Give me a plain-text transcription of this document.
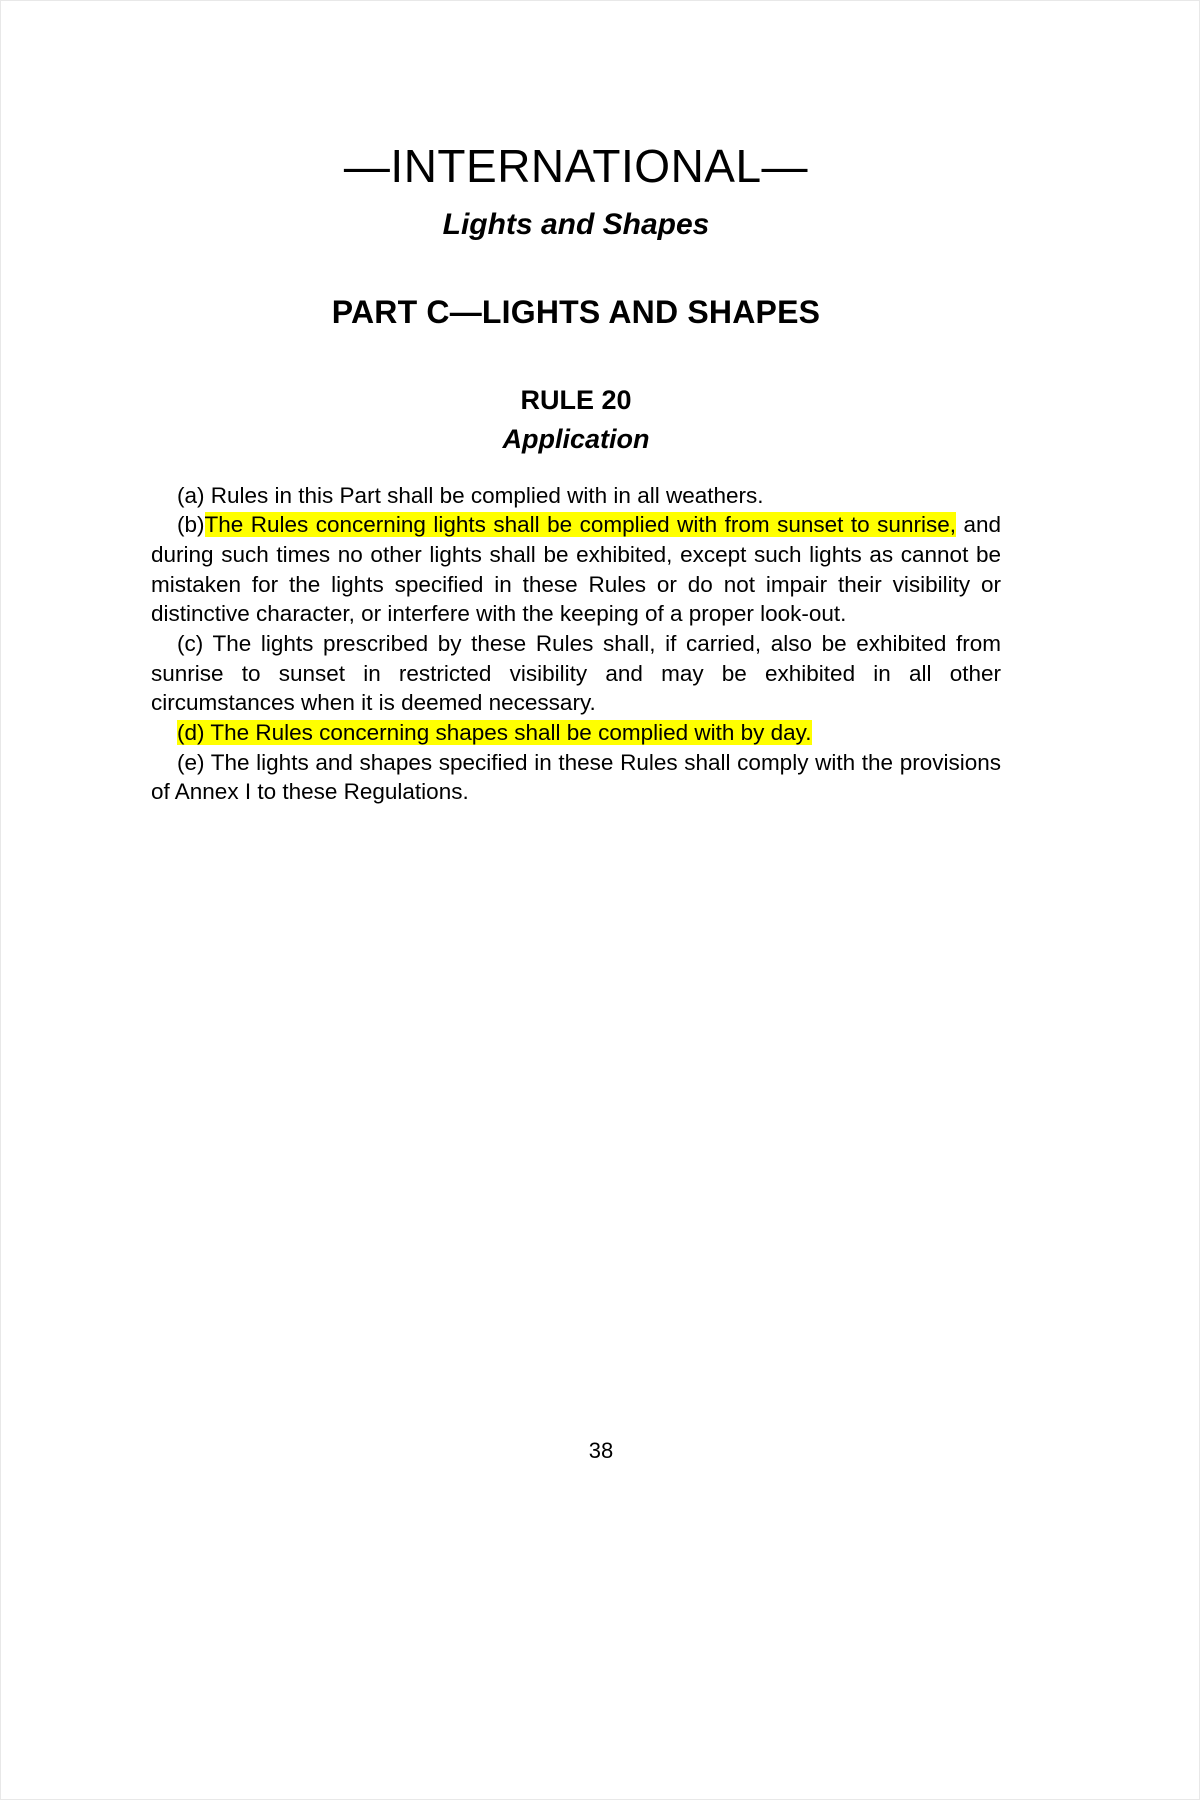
—INTERNATIONAL—
Lights and Shapes
PART C—LIGHTS AND SHAPES
RULE 20
Application

(a) Rules in this Part shall be complied with in all weathers.

(b)The Rules concerning lights shall be complied with from sunset to sunrise, and during such times no other lights shall be exhibited, except such lights as cannot be mistaken for the lights specified in these Rules or do not impair their visibility or distinctive character, or interfere with the keeping of a proper look-out.

(c) The lights prescribed by these Rules shall, if carried, also be exhibited from sunrise to sunset in restricted visibility and may be exhibited in all other circumstances when it is deemed necessary.

(d) The Rules concerning shapes shall be complied with by day.

(e) The lights and shapes specified in these Rules shall comply with the provisions of Annex I to these Regulations.

38
